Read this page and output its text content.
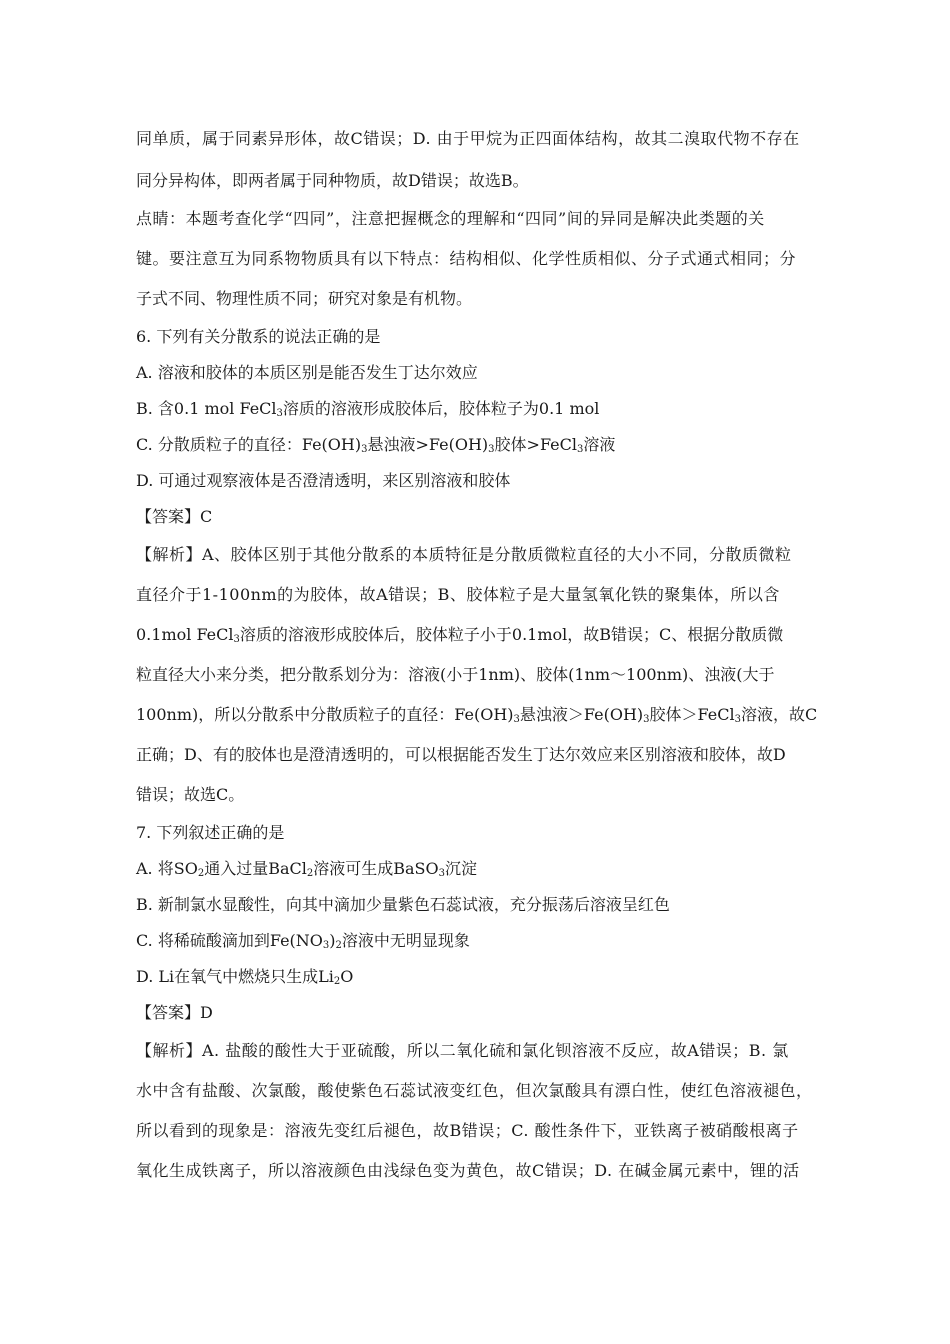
同单质，属于同素异形体，故C错误；D. 由于甲烷为正四面体结构，故其二溴取代物不存在
同分异构体，即两者属于同种物质，故D错误；故选B。
点睛：本题考查化学“四同”，注意把握概念的理解和“四同”间的异同是解决此类题的关
键。要注意互为同系物物质具有以下特点：结构相似、化学性质相似、分子式通式相同；分
子式不同、物理性质不同；研究对象是有机物。
6. 下列有关分散系的说法正确的是
A. 溶液和胶体的本质区别是能否发生丁达尔效应
B. 含0.1 mol FeCl$_3$溶质的溶液形成胶体后，胶体粒子为0.1 mol
C. 分散质粒子的直径：$Fe(OH)_3$悬浊液$>Fe(OH)_3$胶体>FeCl$_3$溶液
D. 可通过观察液体是否澄清透明，来区别溶液和胶体
【答案】C
【解析】A、胶体区别于其他分散系的本质特征是分散质微粒直径的大小不同，分散质微粒
直径介于1-100nm的为胶体，故A错误；B、胶体粒子是大量氢氧化铁的聚集体，所以含
0.1mol FeCl$_3$溶质的溶液形成胶体后，胶体粒子小于0.1mol，故B错误；C、根据分散质微
粒直径大小来分类，把分散系划分为：溶液(小于1nm)、胶体(1nm～100nm)、浊液(大于
100nm)，所以分散系中分散质粒子的直径：$Fe(OH)_3$悬浊液$>Fe(OH)_3$胶体＞FeCl$_3$溶液，故C
正确；D、有的胶体也是澄清透明的，可以根据能否发生丁达尔效应来区别溶液和胶体，故D
错误；故选C。
7. 下列叙述正确的是
A. 将$SO_2$通入过量BaCl$_2$溶液可生成BaSO$_3$沉淀
B. 新制氯水显酸性，向其中滴加少量紫色石蕊试液，充分振荡后溶液呈红色
C. 将稀硫酸滴加到$Fe(NO_3)_2$溶液中无明显现象
D. Li在氧气中燃烧只生成$Li_2O$
【答案】D
【解析】A. 盐酸的酸性大于亚硫酸，所以二氧化硫和氯化钡溶液不反应，故A错误；B. 氯
水中含有盐酸、次氯酸，酸使紫色石蕊试液变红色，但次氯酸具有漂白性，使红色溶液褪色，
所以看到的现象是：溶液先变红后褪色，故B错误；C. 酸性条件下，亚铁离子被硝酸根离子
氧化生成铁离子，所以溶液颜色由浅绿色变为黄色，故C错误；D. 在碱金属元素中，锂的活
